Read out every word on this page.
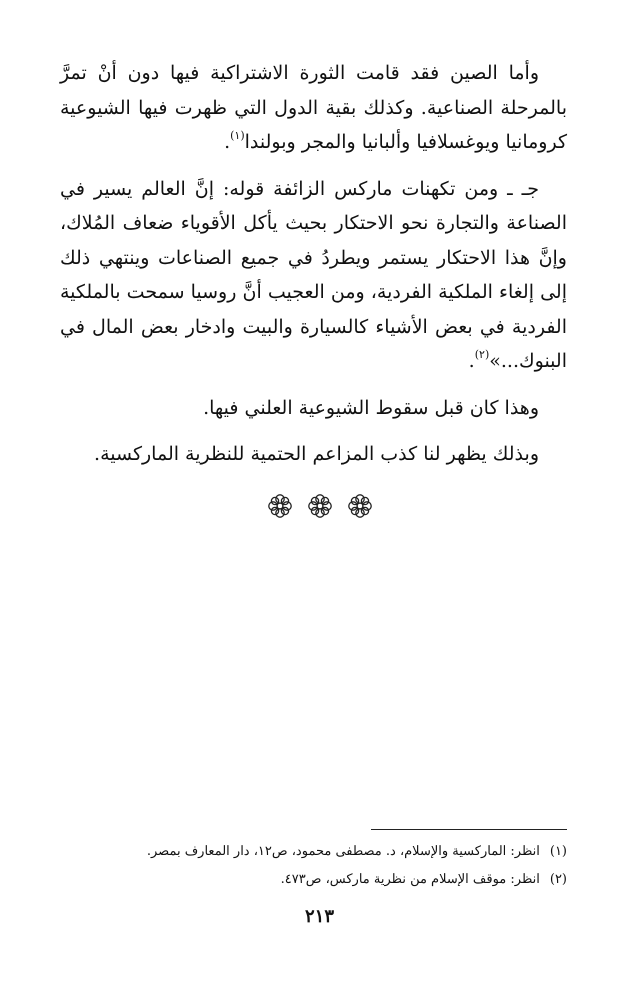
وأما الصين فقد قامت الثورة الاشتراكية فيها دون أنْ تمرَّ بالمرحلة الصناعية. وكذلك بقية الدول التي ظهرت فيها الشيوعية كرومانيا ويوغسلافيا وألبانيا والمجر وبولندا$^{(١)}$.

جـ ـ ومن تكهنات ماركس الزائفة قوله: إنَّ العالم يسير في الصناعة والتجارة نحو الاحتكار بحيث يأكل الأقوياء ضعاف المُلاك، وإنَّ هذا الاحتكار يستمر ويطردُ في جميع الصناعات وينتهي ذلك إلى إلغاء الملكية الفردية، ومن العجيب أنَّ روسيا سمحت بالملكية الفردية في بعض الأشياء كالسيارة والبيت وادخار بعض المال في البنوك...»$^{(٢)}$.

وهذا كان قبل سقوط الشيوعية العلني فيها.

وبذلك يظهر لنا كذب المزاعم الحتمية للنظرية الماركسية.

(١)انظر: الماركسية والإسلام، د. مصطفى محمود، ص١٢، دار المعارف بمصر.

(٢)انظر: موقف الإسلام من نظرية ماركس، ص٤٧٣.

٢١٣
